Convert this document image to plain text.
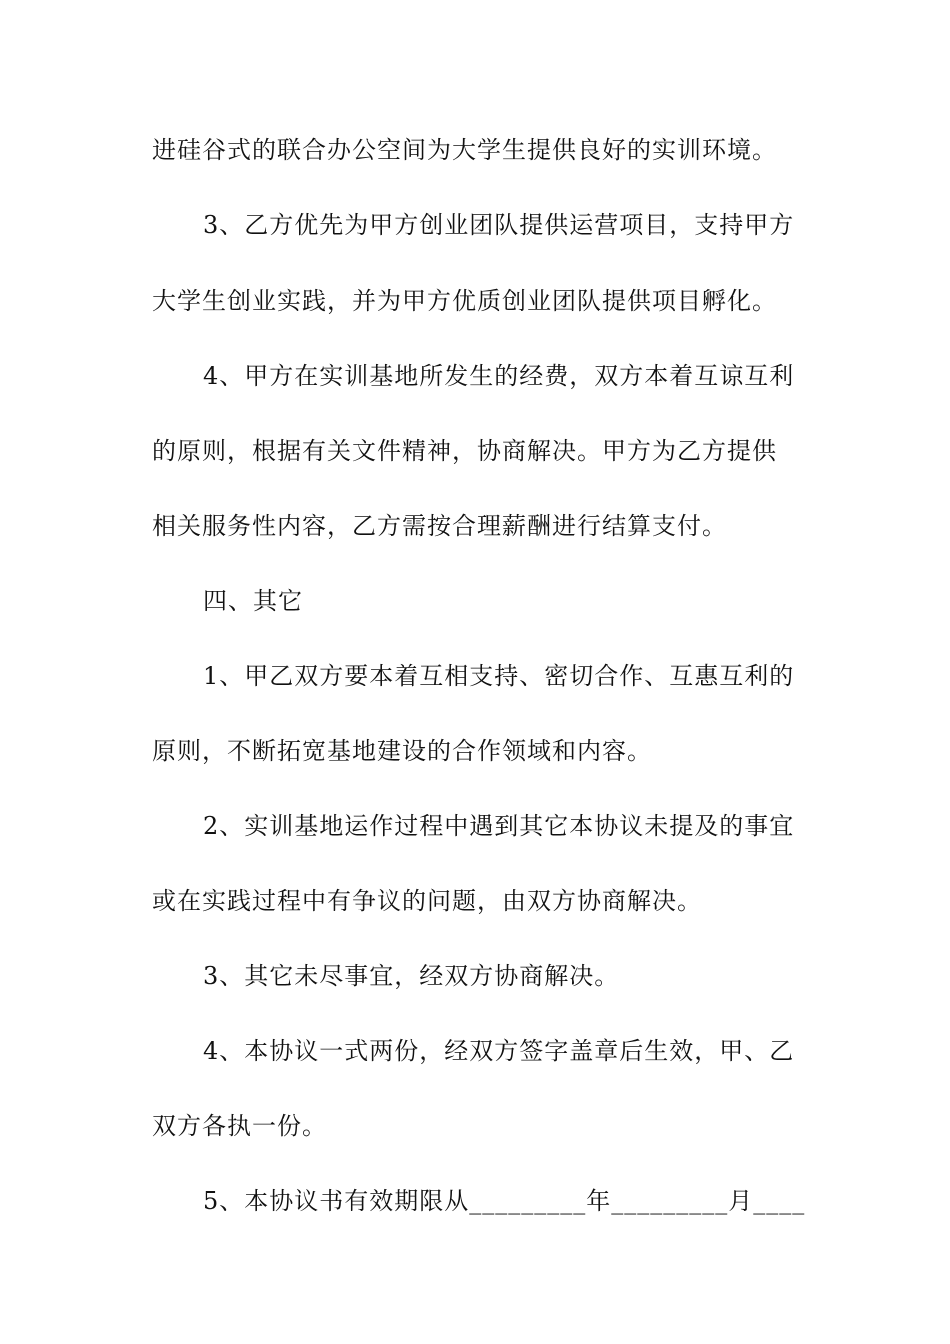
进硅谷式的联合办公空间为大学生提供良好的实训环境。
3、乙方优先为甲方创业团队提供运营项目，支持甲方
大学生创业实践，并为甲方优质创业团队提供项目孵化。
4、甲方在实训基地所发生的经费，双方本着互谅互利
的原则，根据有关文件精神，协商解决。甲方为乙方提供
相关服务性内容，乙方需按合理薪酬进行结算支付。
四、其它
1、甲乙双方要本着互相支持、密切合作、互惠互利的
原则，不断拓宽基地建设的合作领域和内容。
2、实训基地运作过程中遇到其它本协议未提及的事宜
或在实践过程中有争议的问题，由双方协商解决。
3、其它未尽事宜，经双方协商解决。
4、本协议一式两份，经双方签字盖章后生效，甲、乙
双方各执一份。
5、本协议书有效期限从_________年_________月____
